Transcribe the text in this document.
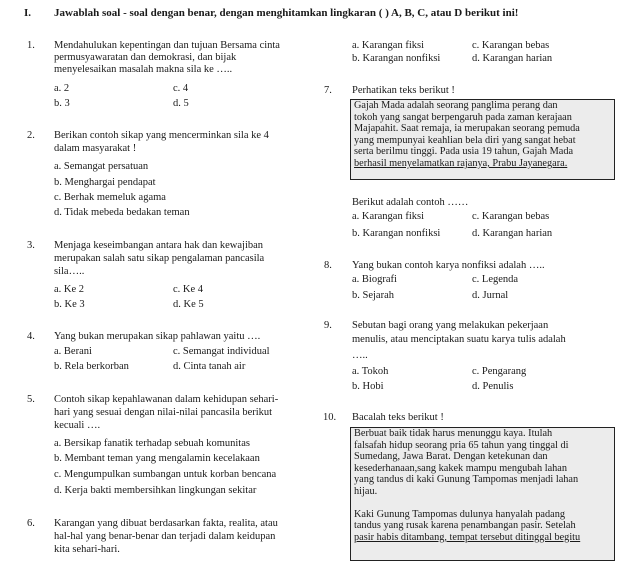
I. Jawablah soal - soal dengan benar, dengan menghitamkan lingkaran ( ) A, B, C, atau D berikut ini!
1. Mendahulukan kepentingan dan tujuan Bersama cinta
permusyawaratan dan demokrasi, dan bijak
menyelesaikan masalah makna sila ke …..
a. 2	c. 4
b. 3	d. 5
2. Berikan contoh sikap yang mencerminkan sila ke 4
dalam masyarakat !
a. Semangat persatuan
b. Menghargai pendapat
c. Berhak memeluk agama
d. Tidak mebeda bedakan teman
3. Menjaga keseimbangan antara hak dan kewajiban
merupakan salah satu sikap pengalaman pancasila
sila…..
a. Ke 2	c. Ke 4
b. Ke 3	d. Ke 5
4. Yang bukan merupakan sikap pahlawan yaitu ….
a. Berani	c. Semangat individual
b. Rela berkorban	d. Cinta tanah air
5. Contoh sikap kepahlawanan dalam kehidupan sehari-
hari yang sesuai dengan nilai-nilai pancasila berikut
kecuali ….
a. Bersikap fanatik terhadap sebuah komunitas
b. Membant teman yang mengalamin kecelakaan
c. Mengumpulkan sumbangan untuk korban bencana
d. Kerja bakti membersihkan lingkungan sekitar
6. Karangan yang dibuat berdasarkan fakta, realita, atau
hal-hal yang benar-benar dan terjadi dalam keidupan
kita sehari-hari.
a. Karangan fiksi	c. Karangan bebas
b. Karangan nonfiksi	d. Karangan harian
7. Perhatikan teks berikut !
Gajah Mada adalah seorang panglima perang dan
tokoh yang sangat berpengaruh pada zaman kerajaan
Majapahit. Saat remaja, ia merupakan seorang pemuda
yang mempunyai keahlian bela diri yang sangat hebat
serta berilmu tinggi. Pada usia 19 tahun, Gajah Mada
berhasil menyelamatkan rajanya, Prabu Jayanegara.
Berikut adalah contoh ……
a. Karangan fiksi	c. Karangan bebas
b. Karangan nonfiksi	d. Karangan harian
8. Yang bukan contoh karya nonfiksi adalah …..
a. Biografi	c. Legenda
b. Sejarah	d. Jurnal
9. Sebutan bagi orang yang melakukan pekerjaan
menulis, atau menciptakan suatu karya tulis adalah
…..
a. Tokoh	c. Pengarang
b. Hobi	d. Penulis
10. Bacalah teks berikut !
Berbuat baik tidak harus menunggu kaya. Itulah
falsafah hidup seorang pria 65 tahun yang tinggal di
Sumedang, Jawa Barat. Dengan ketekunan dan
kesederhanaan,sang kakek mampu mengubah lahan
yang tandus di kaki Gunung Tampomas menjadi lahan
hijau.
Kaki Gunung Tampomas dulunya hanyalah padang
tandus yang rusak karena penambangan pasir. Setelah
pasir habis ditambang, tempat tersebut ditinggal begitu
